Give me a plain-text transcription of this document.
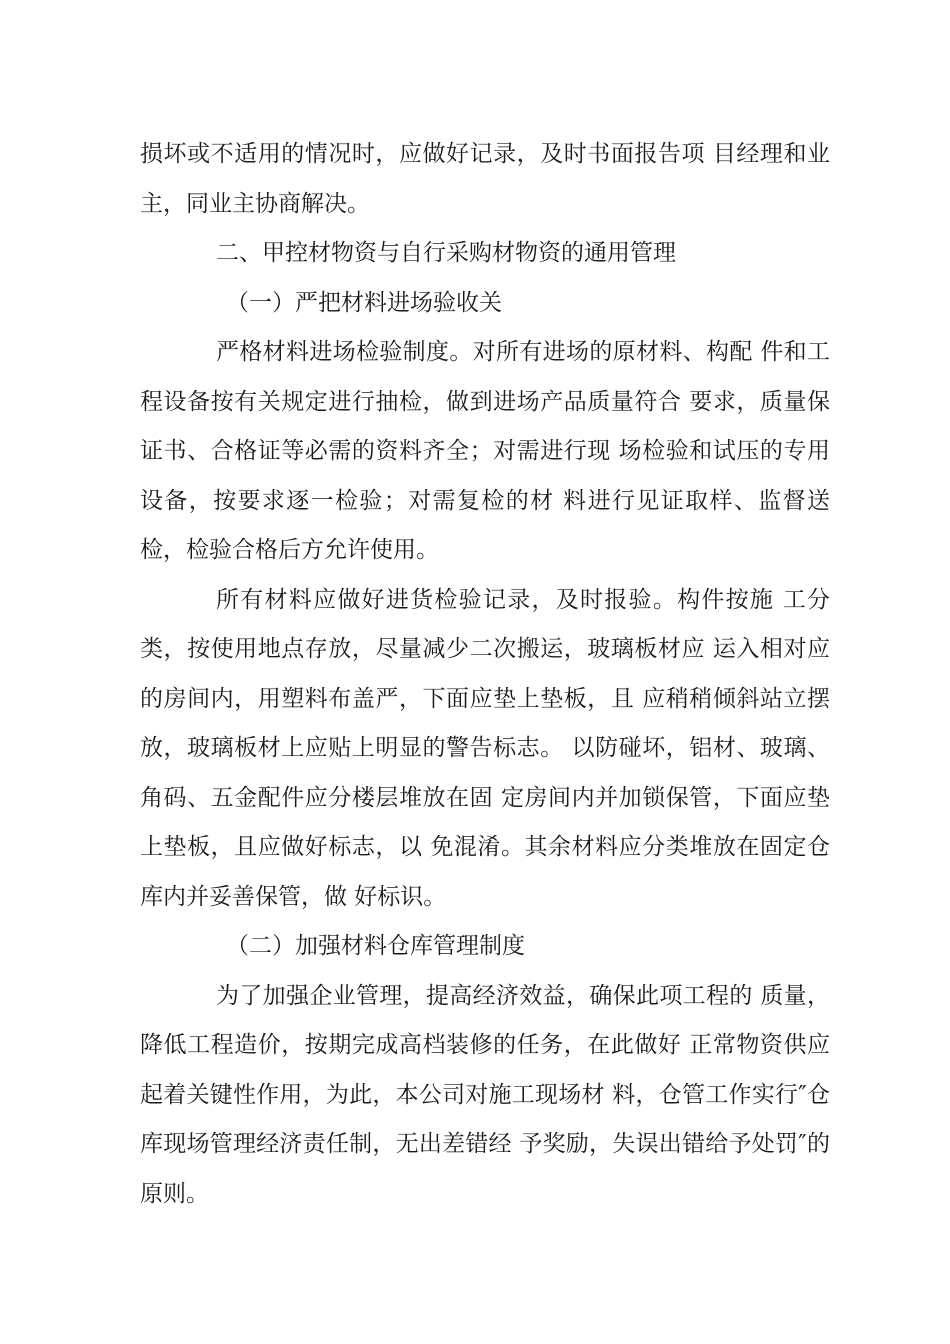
损坏或不适用的情况时，应做好记录，及时书面报告项 目经理和业主，同业主协商解决。

二、甲控材物资与自行采购材物资的通用管理

（一）严把材料进场验收关

严格材料进场检验制度。对所有进场的原材料、构配 件和工程设备按有关规定进行抽检，做到进场产品质量符合 要求，质量保证书、合格证等必需的资料齐全；对需进行现 场检验和试压的专用设备，按要求逐一检验；对需复检的材 料进行见证取样、监督送检，检验合格后方允许使用。

所有材料应做好进货检验记录，及时报验。构件按施 工分类，按使用地点存放，尽量减少二次搬运，玻璃板材应 运入相对应的房间内，用塑料布盖严，下面应垫上垫板，且 应稍稍倾斜站立摆放，玻璃板材上应贴上明显的警告标志。 以防碰坏，铝材、玻璃、角码、五金配件应分楼层堆放在固 定房间内并加锁保管，下面应垫上垫板，且应做好标志，以 免混淆。其余材料应分类堆放在固定仓库内并妥善保管，做 好标识。

（二）加强材料仓库管理制度

为了加强企业管理，提高经济效益，确保此项工程的 质量，降低工程造价，按期完成高档装修的任务，在此做好 正常物资供应起着关键性作用，为此，本公司对施工现场材 料，仓管工作实行″仓库现场管理经济责任制，无出差错经 予奖励，失误出错给予处罚″的原则。
